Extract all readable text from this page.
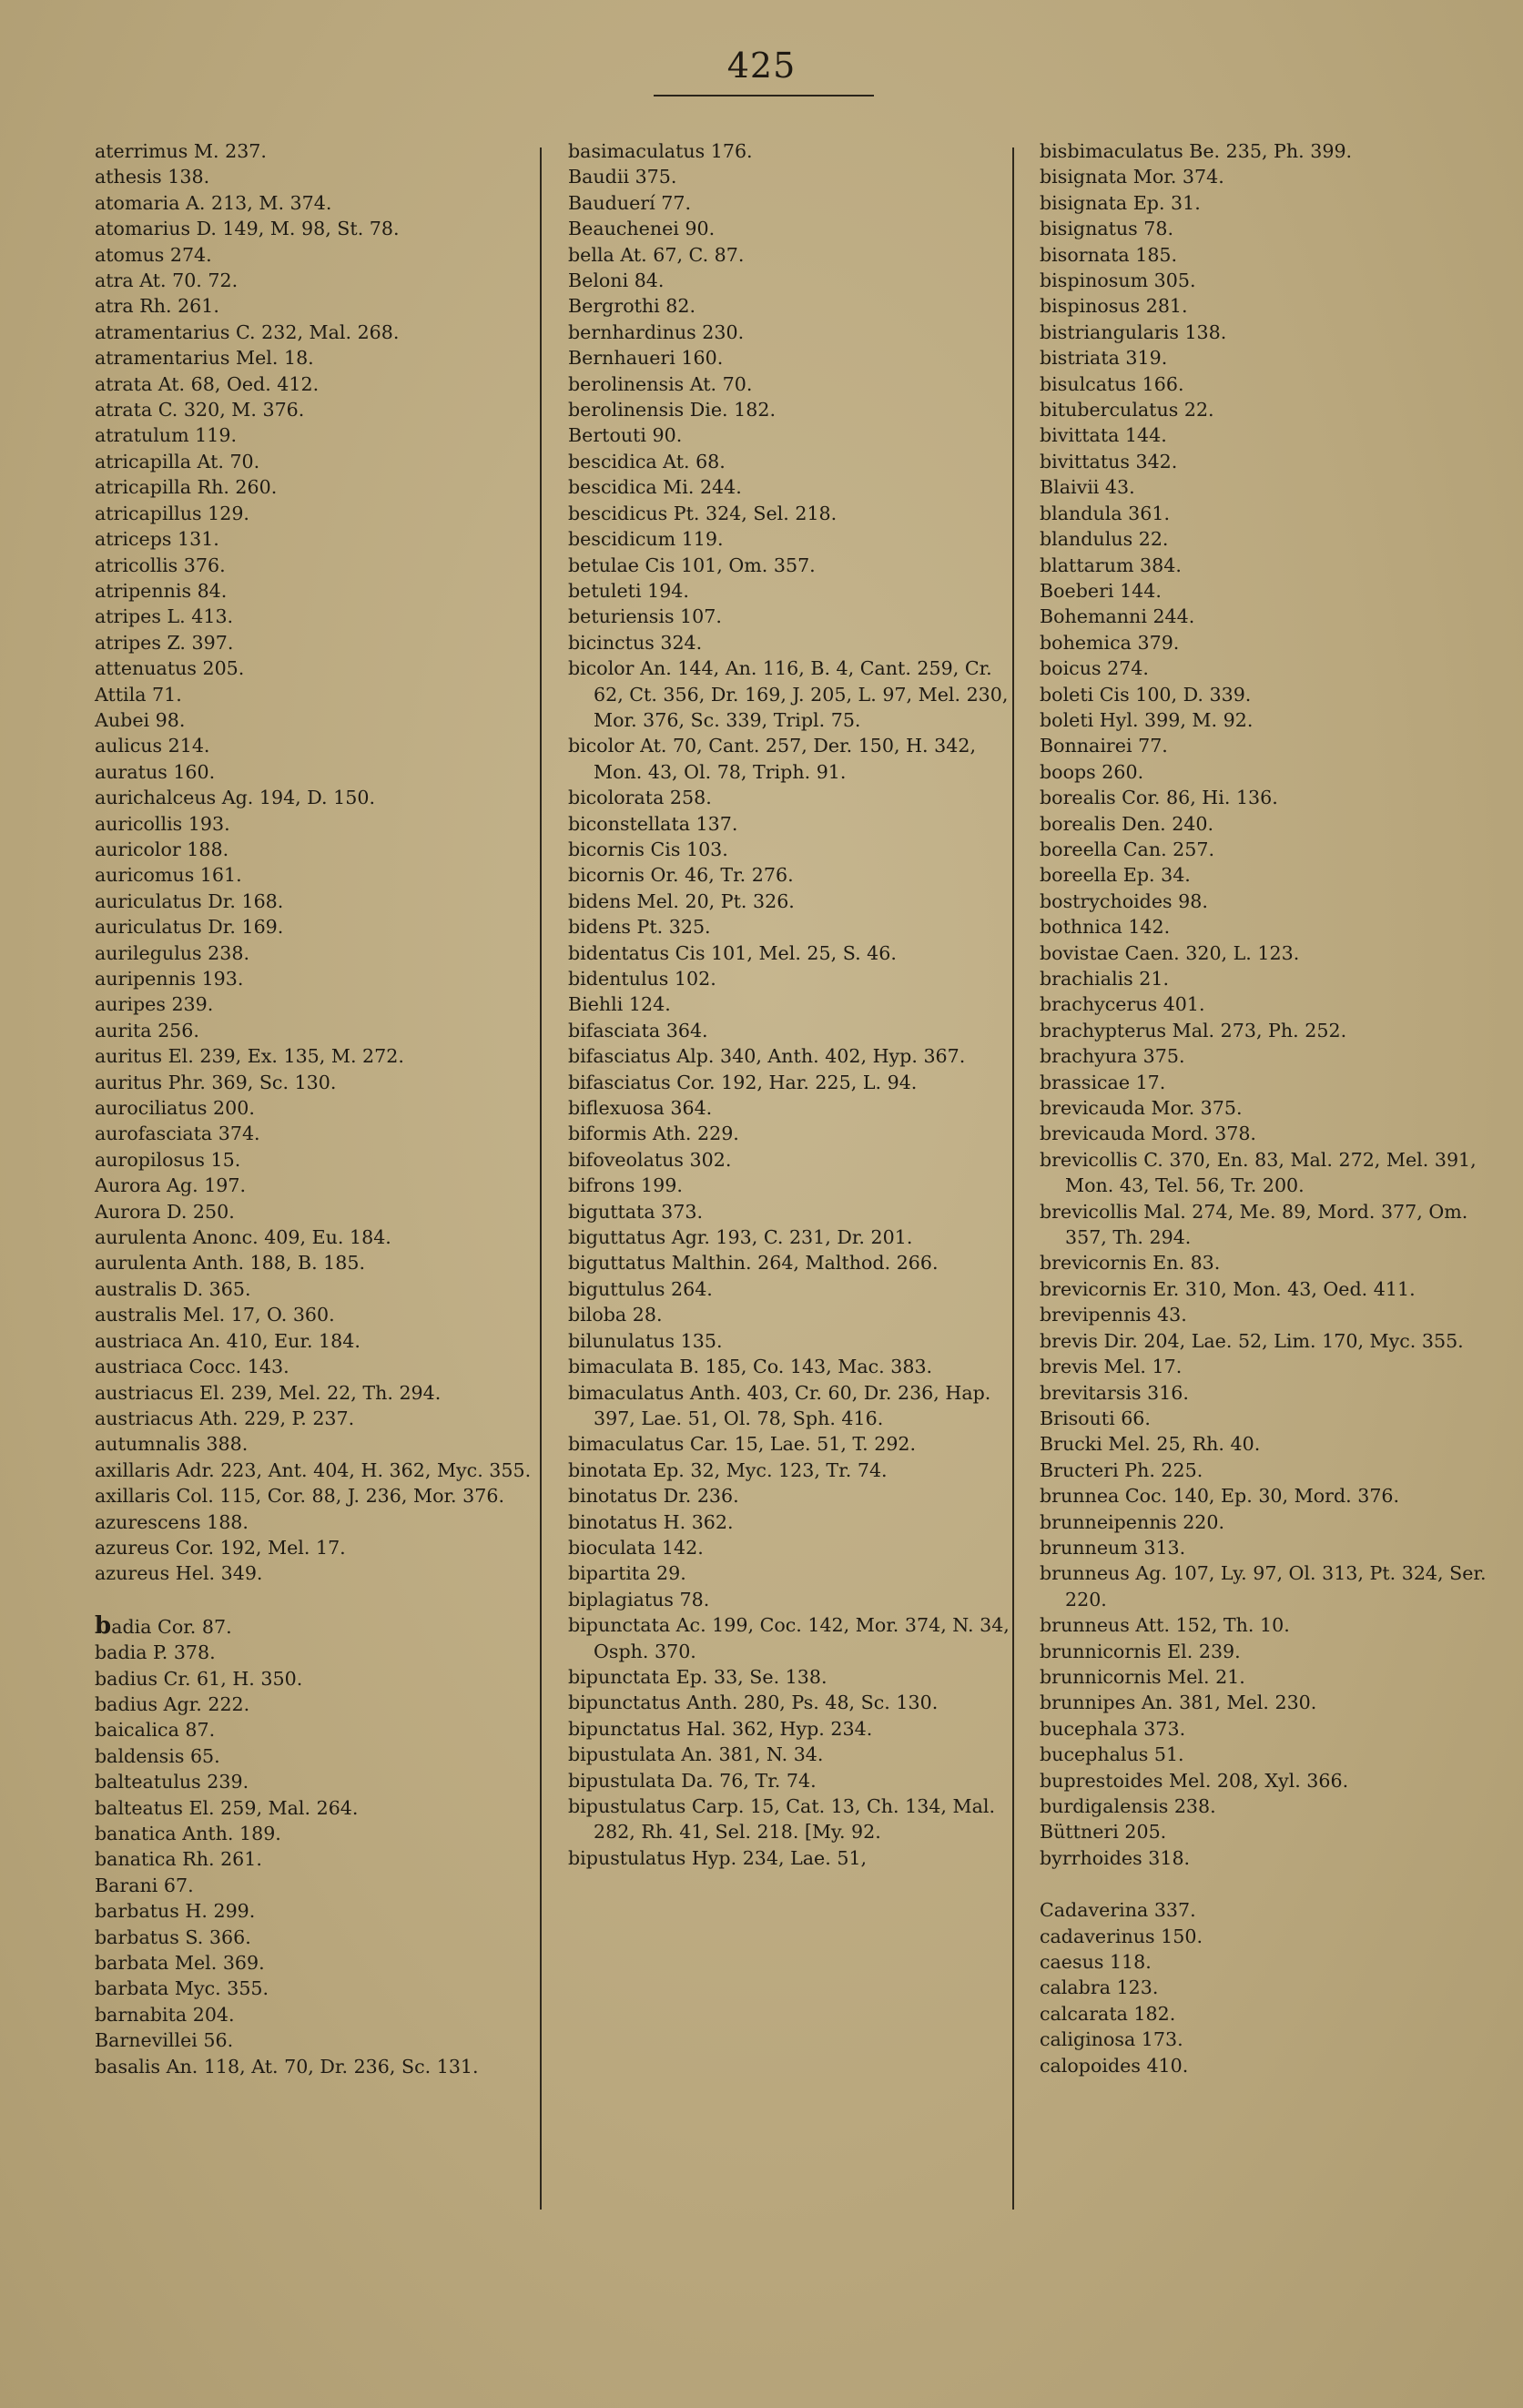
425
aterrimus M. 237.
athesis 138.
atomaria A. 213, M. 374.
atomarius D. 149, M. 98, St. 78.
atomus 274.
atra At. 70. 72.
atra Rh. 261.
atramentarius C. 232, Mal. 268.
atramentarius Mel. 18.
atrata At. 68, Oed. 412.
atrata C. 320, M. 376.
atratulum 119.
atricapilla At. 70.
atricapilla Rh. 260.
atricapillus 129.
atriceps 131.
atricollis 376.
atripennis 84.
atripes L. 413.
atripes Z. 397.
attenuatus 205.
Attila 71.
Aubei 98.
aulicus 214.
auratus 160.
aurichalceus Ag. 194, D. 150.
auricollis 193.
auricolor 188.
auricomus 161.
auriculatus Dr. 168.
auriculatus Dr. 169.
aurilegulus 238.
auripennis 193.
auripes 239.
aurita 256.
auritus El. 239, Ex. 135, M. 272.
auritus Phr. 369, Sc. 130.
aurociliatus 200.
aurofasciata 374.
auropilosus 15.
Aurora Ag. 197.
Aurora D. 250.
aurulenta Anonc. 409, Eu. 184.
aurulenta Anth. 188, B. 185.
australis D. 365.
australis Mel. 17, O. 360.
austriaca An. 410, Eur. 184.
austriaca Cocc. 143.
austriacus El. 239, Mel. 22, Th. 294.
austriacus Ath. 229, P. 237.
autumnalis 388.
axillaris Adr. 223, Ant. 404, H. 362, Myc. 355.
axillaris Col. 115, Cor. 88, J. 236, Mor. 376.
azurescens 188.
azureus Cor. 192, Mel. 17.
azureus Hel. 349.
badia Cor. 87.
badia P. 378.
badius Cr. 61, H. 350.
badius Agr. 222.
baicalica 87.
baldensis 65.
balteatulus 239.
balteatus El. 259, Mal. 264.
banatica Anth. 189.
banatica Rh. 261.
Barani 67.
barbatus H. 299.
barbatus S. 366.
barbata Mel. 369.
barbata Myc. 355.
barnabita 204.
Barnevillei 56.
basalis An. 118, At. 70, Dr. 236, Sc. 131.
basimaculatus 176.
Baudii 375.
Bauduerí 77.
Beauchenei 90.
bella At. 67, C. 87.
Beloni 84.
Bergrothi 82.
bernhardinus 230.
Bernhaueri 160.
berolinensis At. 70.
berolinensis Die. 182.
Bertouti 90.
bescidica At. 68.
bescidica Mi. 244.
bescidicus Pt. 324, Sel. 218.
bescidicum 119.
betulae Cis 101, Om. 357.
betuleti 194.
beturiensis 107.
bicinctus 324.
bicolor An. 144, An. 116, B. 4, Cant. 259, Cr. 62, Ct. 356, Dr. 169, J. 205, L. 97, Mel. 230, Mor. 376, Sc. 339, Tripl. 75.
bicolor At. 70, Cant. 257, Der. 150, H. 342, Mon. 43, Ol. 78, Triph. 91.
bicolorata 258.
biconstellata 137.
bicornis Cis 103.
bicornis Or. 46, Tr. 276.
bidens Mel. 20, Pt. 326.
bidens Pt. 325.
bidentatus Cis 101, Mel. 25, S. 46.
bidentulus 102.
Biehli 124.
bifasciata 364.
bifasciatus Alp. 340, Anth. 402, Hyp. 367.
bifasciatus Cor. 192, Har. 225, L. 94.
biflexuosa 364.
biformis Ath. 229.
bifoveolatus 302.
bifrons 199.
biguttata 373.
biguttatus Agr. 193, C. 231, Dr. 201.
biguttatus Malthin. 264, Malthod. 266.
biguttulus 264.
biloba 28.
bilunulatus 135.
bimaculata B. 185, Co. 143, Mac. 383.
bimaculatus Anth. 403, Cr. 60, Dr. 236, Hap. 397, Lae. 51, Ol. 78, Sph. 416.
bimaculatus Car. 15, Lae. 51, T. 292.
binotata Ep. 32, Myc. 123, Tr. 74.
binotatus Dr. 236.
binotatus H. 362.
bioculata 142.
bipartita 29.
biplagiatus 78.
bipunctata Ac. 199, Coc. 142, Mor. 374, N. 34, Osph. 370.
bipunctata Ep. 33, Se. 138.
bipunctatus Anth. 280, Ps. 48, Sc. 130.
bipunctatus Hal. 362, Hyp. 234.
bipustulata An. 381, N. 34.
bipustulata Da. 76, Tr. 74.
bipustulatus Carp. 15, Cat. 13, Ch. 134, Mal. 282, Rh. 41, Sel. 218. [My. 92.
bipustulatus Hyp. 234, Lae. 51,
bisbimaculatus Be. 235, Ph. 399.
bisignata Mor. 374.
bisignata Ep. 31.
bisignatus 78.
bisornata 185.
bispinosum 305.
bispinosus 281.
bistriangularis 138.
bistriata 319.
bisulcatus 166.
bituberculatus 22.
bivittata 144.
bivittatus 342.
Blaivii 43.
blandula 361.
blandulus 22.
blattarum 384.
Boeberi 144.
Bohemanni 244.
bohemica 379.
boicus 274.
boleti Cis 100, D. 339.
boleti Hyl. 399, M. 92.
Bonnairei 77.
boops 260.
borealis Cor. 86, Hi. 136.
borealis Den. 240.
boreella Can. 257.
boreella Ep. 34.
bostrychoides 98.
bothnica 142.
bovistae Caen. 320, L. 123.
brachialis 21.
brachycerus 401.
brachypterus Mal. 273, Ph. 252.
brachyura 375.
brassicae 17.
brevicauda Mor. 375.
brevicauda Mord. 378.
brevicollis C. 370, En. 83, Mal. 272, Mel. 391, Mon. 43, Tel. 56, Tr. 200.
brevicollis Mal. 274, Me. 89, Mord. 377, Om. 357, Th. 294.
brevicornis En. 83.
brevicornis Er. 310, Mon. 43, Oed. 411.
brevipennis 43.
brevis Dir. 204, Lae. 52, Lim. 170, Myc. 355.
brevis Mel. 17.
brevitarsis 316.
Brisouti 66.
Brucki Mel. 25, Rh. 40.
Bructeri Ph. 225.
brunnea Coc. 140, Ep. 30, Mord. 376.
brunneipennis 220.
brunneum 313.
brunneus Ag. 107, Ly. 97, Ol. 313, Pt. 324, Ser. 220.
brunneus Att. 152, Th. 10.
brunnicornis El. 239.
brunnicornis Mel. 21.
brunnipes An. 381, Mel. 230.
bucephala 373.
bucephalus 51.
buprestoides Mel. 208, Xyl. 366.
burdigalensis 238.
Büttneri 205.
byrrhoides 318.
Cadaverina 337.
cadaverinus 150.
caesus 118.
calabra 123.
calcarata 182.
caliginosa 173.
calopoides 410.
